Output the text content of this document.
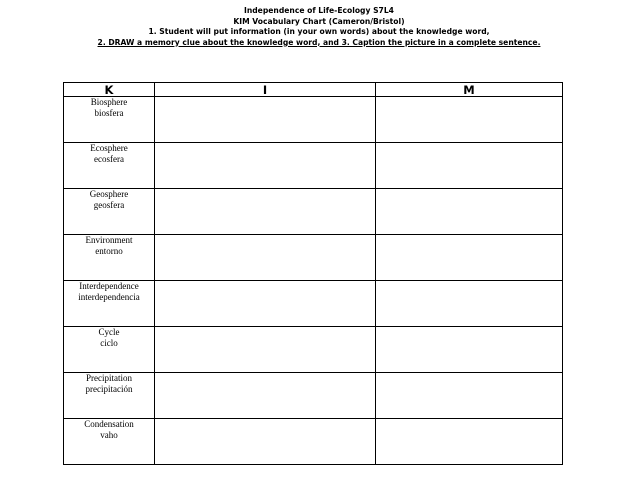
Independence of Life-Ecology S7L4
KIM Vocabulary Chart (Cameron/Bristol)
1. Student will put information (in your own words) about the knowledge word,
2. DRAW a memory clue about the knowledge word, and 3. Caption the picture in a complete sentence.
K	I	M

Biosphere
biosfera		

Ecosphere
ecosfera		

Geosphere
geosfera		

Environment
entorno		

Interdependence
interdependencia		

Cycle
ciclo		

Precipitation
precipitación		

Condensation
vaho		
